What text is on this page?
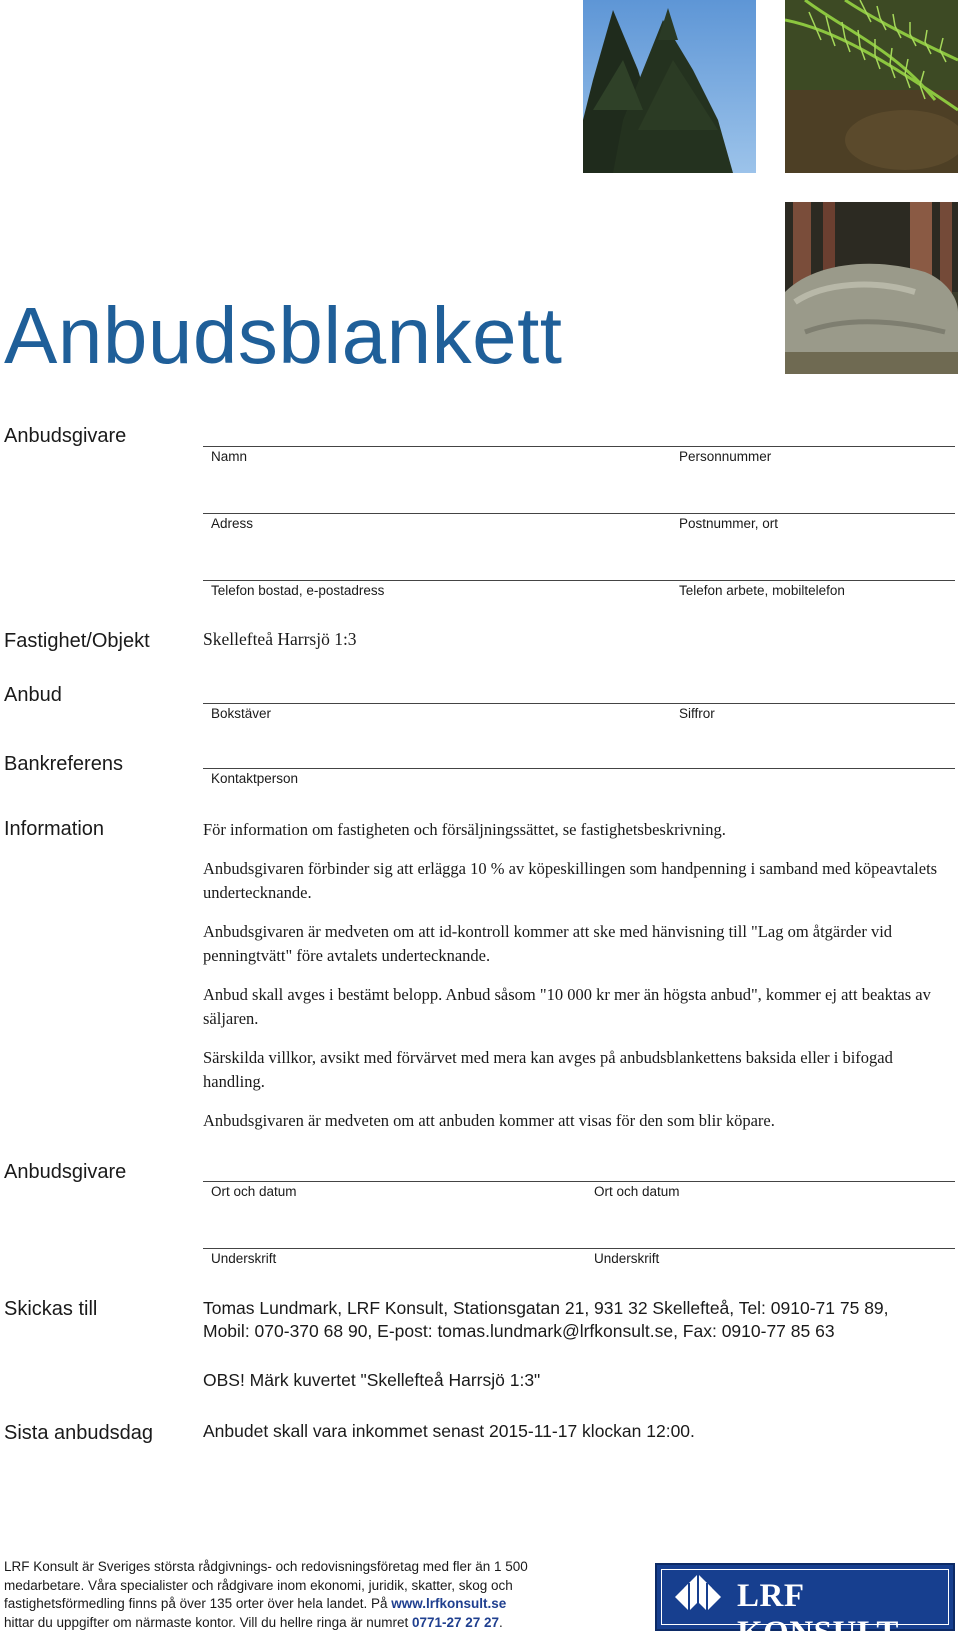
Anbudsblankett
Anbudsgivare
Namn	Personnummer
Adress	Postnummer, ort
Telefon bostad, e-postadress	Telefon arbete, mobiltelefon
Fastighet/Objekt	Skellefteå Harrsjö 1:3
Anbud
Bokstäver	Siffror
Bankreferens
Kontaktperson
Information	För information om fastigheten och försäljningssättet, se fastighetsbeskrivning.

Anbudsgivaren förbinder sig att erlägga 10 % av köpeskillingen som handpenning i samband med köpeavtalets undertecknande.

Anbudsgivaren är medveten om att id-kontroll kommer att ske med hänvisning till "Lag om åtgärder vid penningtvätt" före avtalets undertecknande.

Anbud skall avges i bestämt belopp. Anbud såsom "10 000 kr mer än högsta anbud", kommer ej att beaktas av säljaren.

Särskilda villkor, avsikt med förvärvet med mera kan avges på anbudsblankettens baksida eller i bifogad handling.

Anbudsgivaren är medveten om att anbuden kommer att visas för den som blir köpare.

Anbudsgivare
Ort och datum	Ort och datum
Underskrift	Underskrift
Skickas till	Tomas Lundmark, LRF Konsult, Stationsgatan 21, 931 32 Skellefteå, Tel: 0910-71 75 89,
Mobil: 070-370 68 90, E-post: tomas.lundmark@lrfkonsult.se, Fax: 0910-77 85 63
OBS! Märk kuvertet "Skellefteå Harrsjö 1:3"
Sista anbudsdag	Anbudet skall vara inkommet senast 2015-11-17 klockan 12:00.
LRF Konsult är Sveriges största rådgivnings- och redovisningsföretag med fler än 1 500
medarbetare. Våra specialister och rådgivare inom ekonomi, juridik, skatter, skog och
fastighetsförmedling finns på över 135 orter över hela landet. På www.lrfkonsult.se
hittar du uppgifter om närmaste kontor. Vill du hellre ringa är numret 0771-27 27 27.
LRF KONSULT
